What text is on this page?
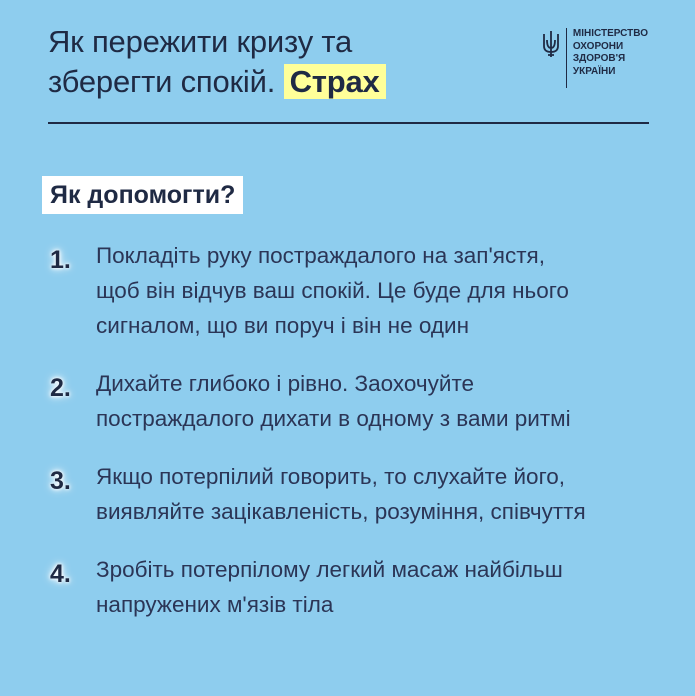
Як пережити кризу та
зберегти спокій. Страх
МІНІСТЕРСТВО
ОХОРОНИ
ЗДОРОВ'Я
УКРАЇНИ
Як допомогти?
1.	Покладіть руку постраждалого на зап'ястя,
щоб він відчув ваш спокій. Це буде для нього
сигналом, що ви поруч і він не один
2.	Дихайте глибоко і рівно. Заохочуйте
постраждалого дихати в одному з вами ритмі
3.	Якщо потерпілий говорить, то слухайте його,
виявляйте зацікавленість, розуміння, співчуття
4.	Зробіть потерпілому легкий масаж найбільш
напружених м'язів тіла
